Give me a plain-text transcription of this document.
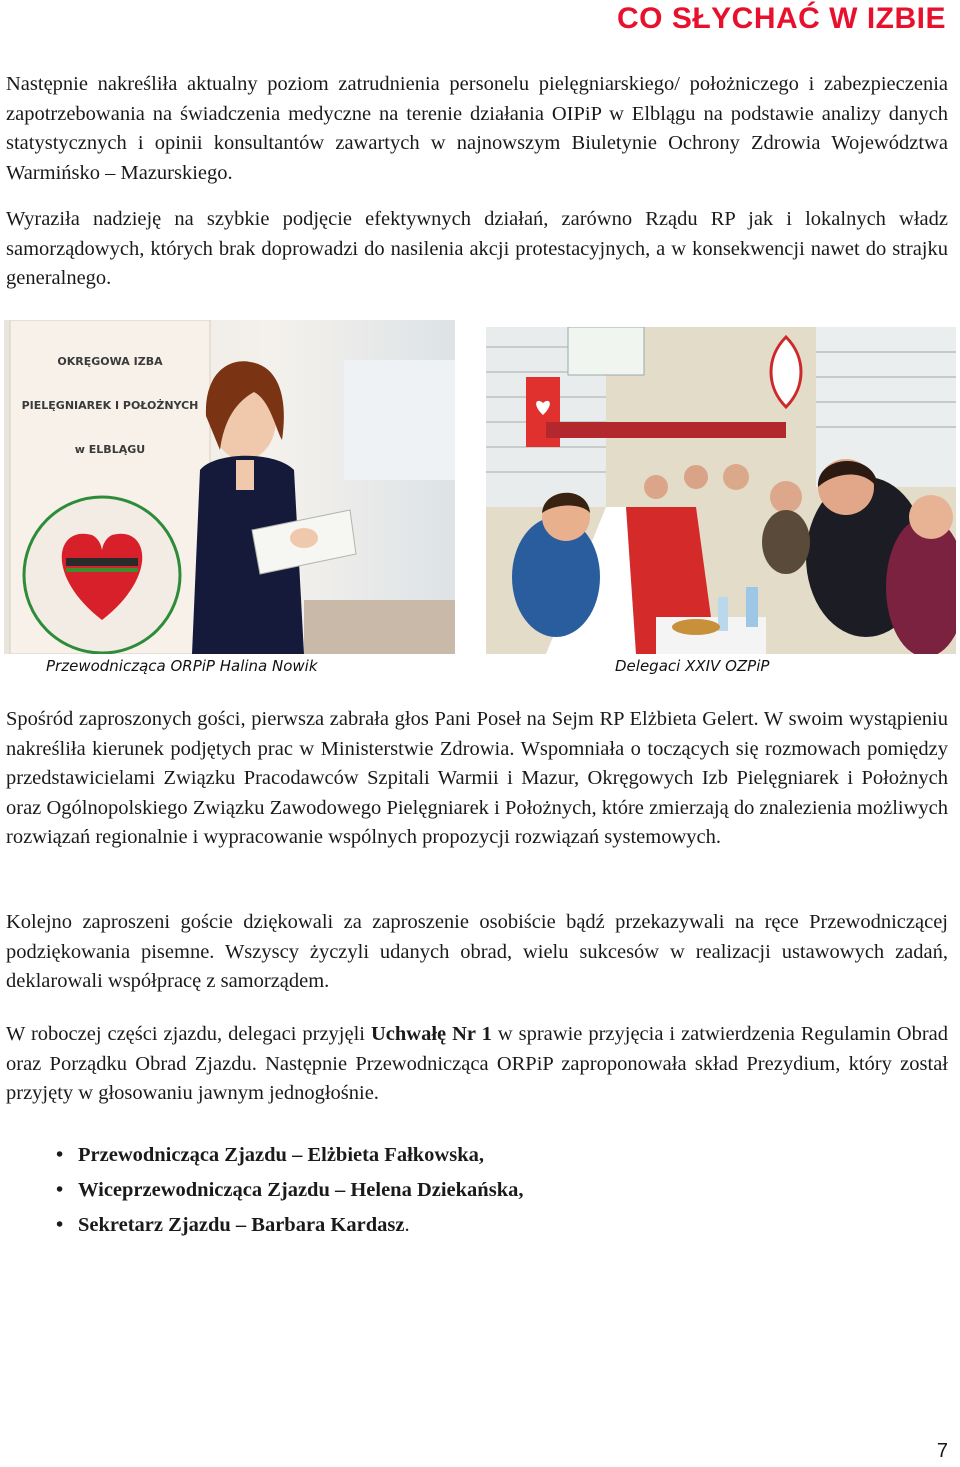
CO SŁYCHAĆ W IZBIE

Następnie nakreśliła aktualny poziom zatrudnienia personelu pielęgniarskiego/ położniczego i zabezpieczenia zapotrzebowania na świadczenia medyczne na terenie działania OIPiP w Elblągu na podstawie analizy danych statystycznych i opinii konsultantów zawartych w najnowszym Biuletynie Ochrony Zdrowia Województwa Warmińsko – Mazurskiego.

Wyraziła nadzieję na szybkie podjęcie efektywnych działań, zarówno Rządu RP jak i lokalnych władz samorządowych, których brak doprowadzi do nasilenia akcji protestacyjnych, a w konsekwencji nawet do strajku generalnego.

OKRĘGOWA IZBA
PIELĘGNIAREK I POŁOŻNYCH
w ELBLĄGU
Przewodnicząca ORPiP Halina Nowik	Delegaci XXIV OZPiP

Spośród zaproszonych gości, pierwsza zabrała głos Pani Poseł na Sejm RP Elżbieta Gelert. W swoim wystąpieniu nakreśliła kierunek podjętych prac w Ministerstwie Zdrowia. Wspomniała o toczących się rozmowach pomiędzy przedstawicielami Związku Pracodawców Szpitali Warmii i Mazur, Okręgowych Izb Pielęgniarek i Położnych oraz Ogólnopolskiego Związku Zawodowego Pielęgniarek i Położnych, które zmierzają do znalezienia możliwych rozwiązań regionalnie i wypracowanie wspólnych propozycji rozwiązań systemowych.

Kolejno zaproszeni goście dziękowali za zaproszenie osobiście bądź przekazywali na ręce Przewodniczącej podziękowania pisemne. Wszyscy życzyli udanych obrad, wielu sukcesów w realizacji ustawowych zadań, deklarowali współpracę z samorządem.

W roboczej części zjazdu, delegaci przyjęli Uchwałę Nr 1 w sprawie przyjęcia i zatwierdzenia Regulamin Obrad oraz Porządku Obrad Zjazdu. Następnie Przewodnicząca ORPiP zaproponowała skład Prezydium, który został przyjęty w głosowaniu jawnym jednogłośnie.

• Przewodnicząca Zjazdu – Elżbieta Fałkowska,
• Wiceprzewodnicząca Zjazdu – Helena Dziekańska,
• Sekretarz Zjazdu – Barbara Kardasz.
7
